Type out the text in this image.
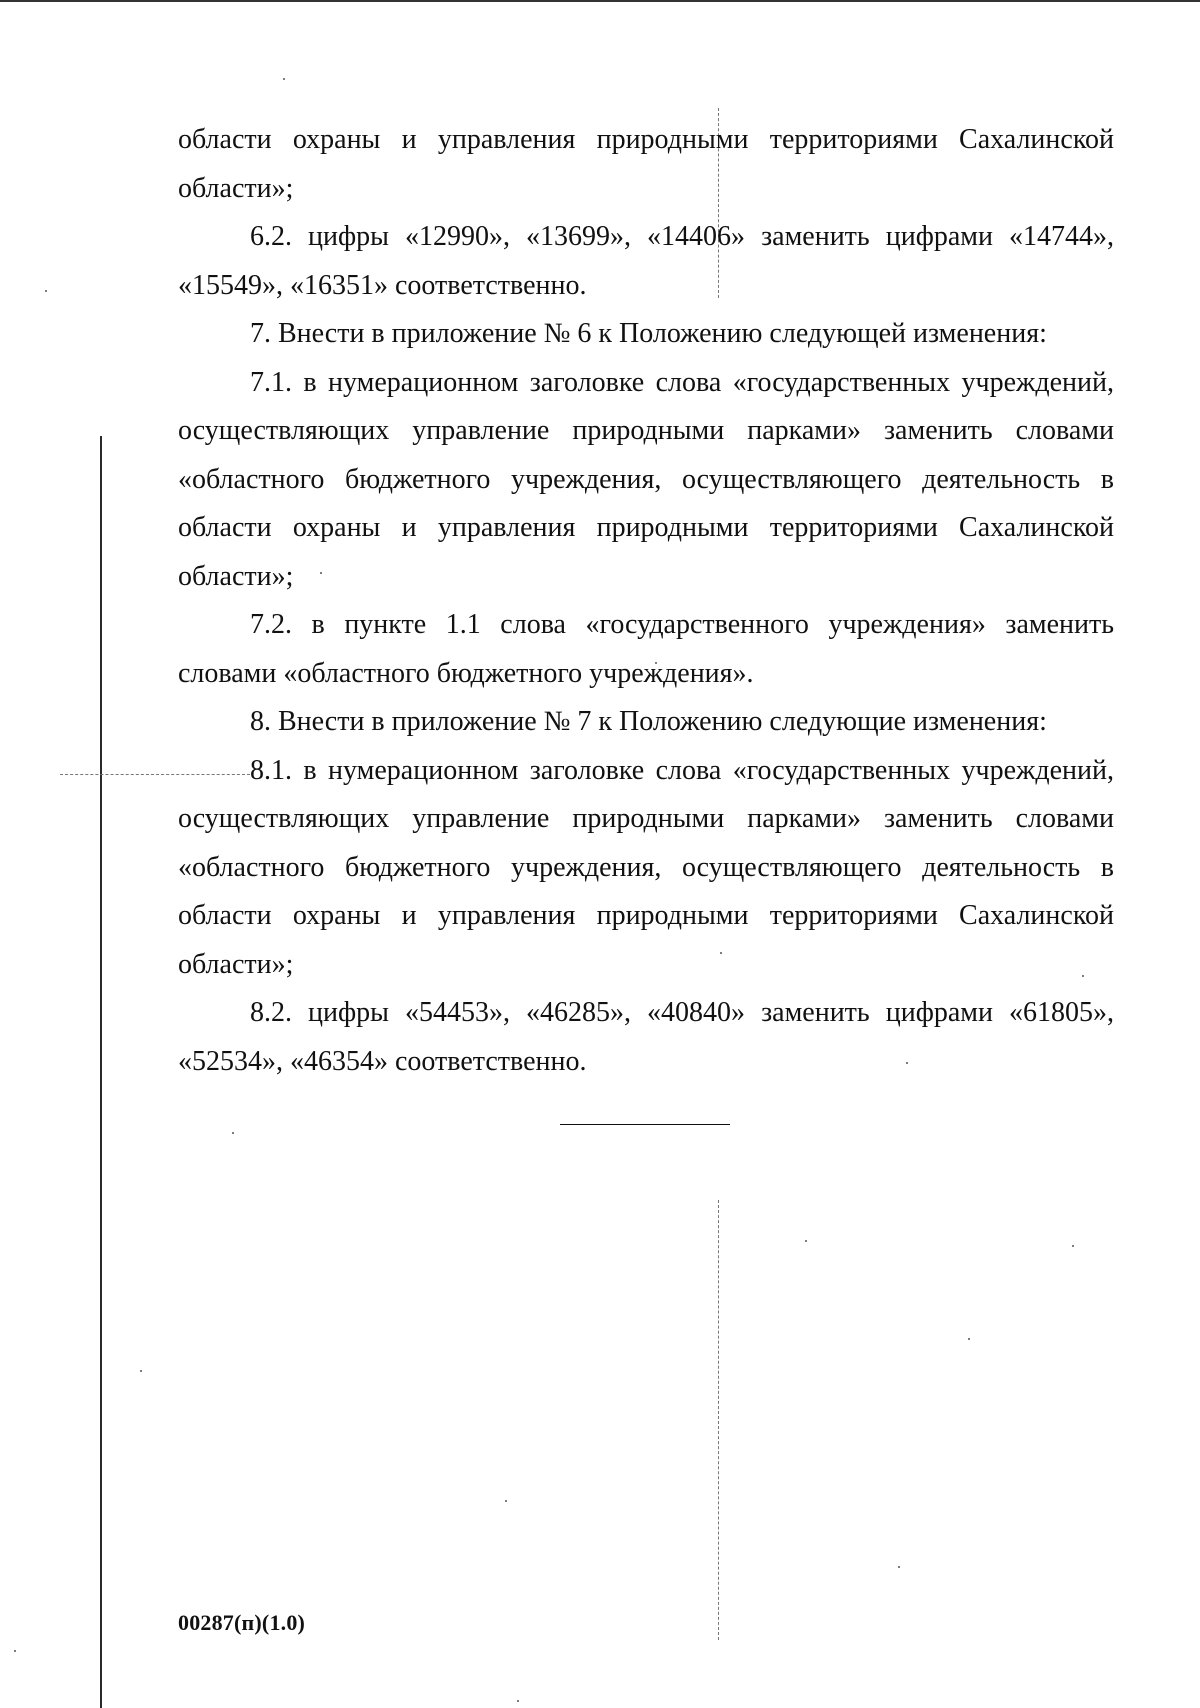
области охраны и управления природными территориями Сахалинской области»;

6.2. цифры «12990», «13699», «14406» заменить цифрами «14744», «15549», «16351» соответственно.

7. Внести в приложение № 6 к Положению следующей изменения:

7.1. в нумерационном заголовке слова «государственных учреждений, осуществляющих управление природными парками» заменить словами «областного бюджетного учреждения, осуществляющего деятельность в области охраны и управления природными территориями Сахалинской области»;

7.2. в пункте 1.1 слова «государственного учреждения» заменить словами «областного бюджетного учреждения».

8. Внести в приложение № 7 к Положению следующие изменения:

8.1. в нумерационном заголовке слова «государственных учреждений, осуществляющих управление природными парками» заменить словами «областного бюджетного учреждения, осуществляющего деятельность в области охраны и управления природными территориями Сахалинской области»;

8.2. цифры «54453», «46285», «40840» заменить цифрами «61805», «52534», «46354» соответственно.

00287(п)(1.0)
